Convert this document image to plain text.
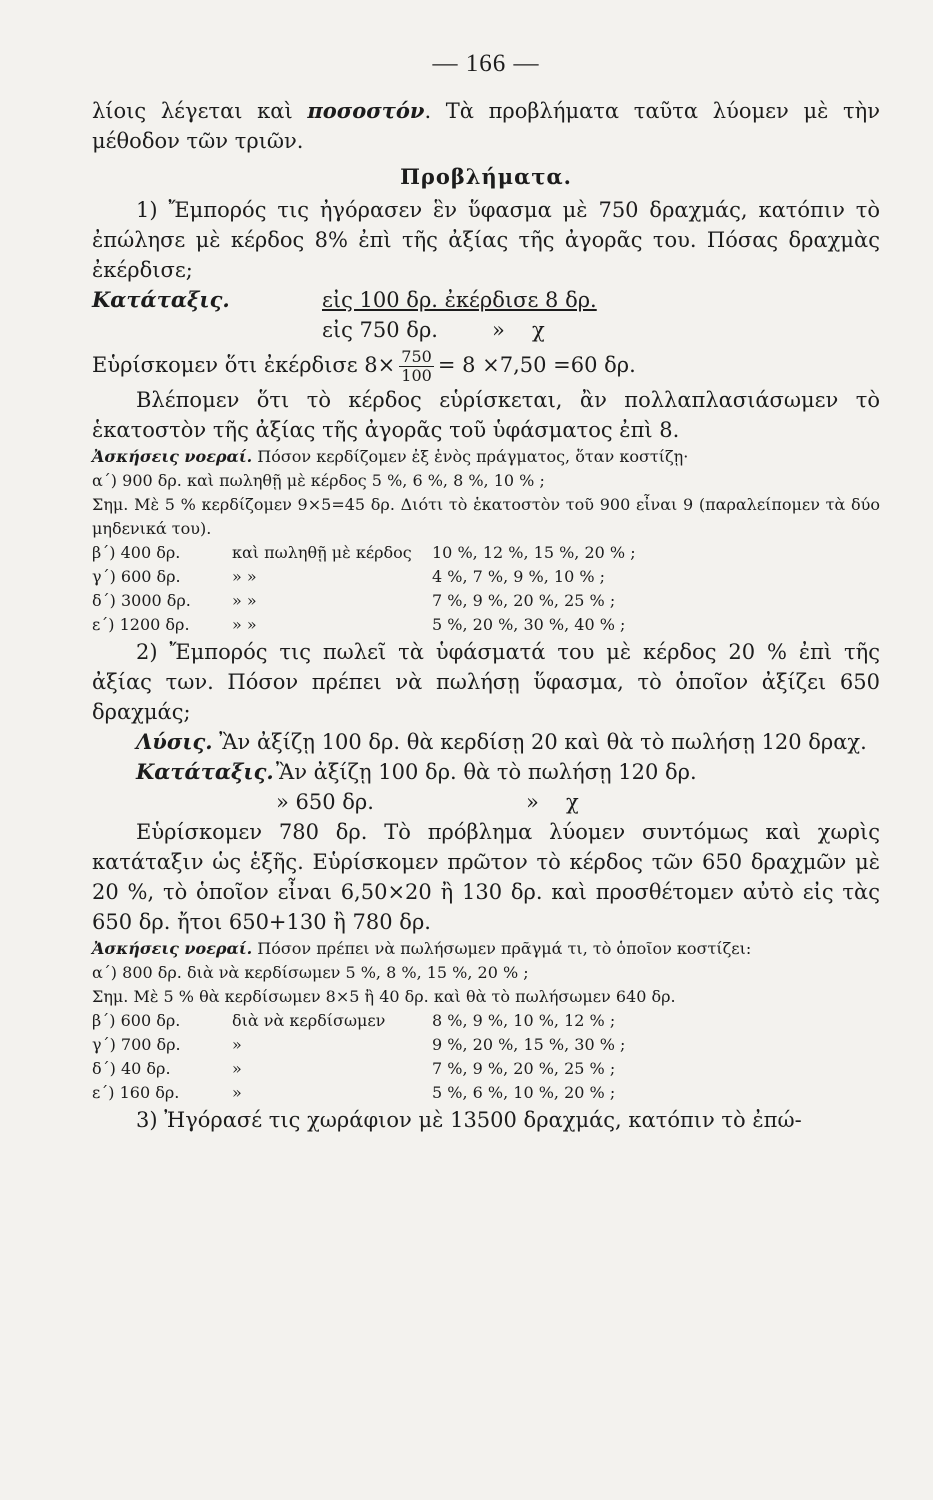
— 166 —

λίοις λέγεται καὶ ποσοστόν. Τὰ προβλήματα ταῦτα λύομεν μὲ τὴν μέθοδον τῶν τριῶν.

Προβλήματα.

1) Ἔμπορός τις ἠγόρασεν ἓν ὕφασμα μὲ 750 δραχμάς, κατόπιν τὸ ἐπώλησε μὲ κέρδος 8% ἐπὶ τῆς ἀξίας τῆς ἀγορᾶς του. Πόσας δραχμὰς ἐκέρδισε;

Κατάταξις.	εἰς 100 δρ. ἐκέρδισε 8 δρ.
εἰς 750 δρ.	»	χ
Εὑρίσκομεν ὅτι ἐκέρδισε $8\times \frac{750}{100} = 8 \times 7,50 =60$ δρ.

Βλέπομεν ὅτι τὸ κέρδος εὑρίσκεται, ἂν πολλαπλασιάσωμεν τὸ ἑκατοστὸν τῆς ἀξίας τῆς ἀγορᾶς τοῦ ὑφάσματος ἐπὶ 8.

Ἀσκήσεις νοεραί. Πόσον κερδίζομεν ἐξ ἑνὸς πράγματος, ὅταν κοστίζῃ·
α΄) 900 δρ. καὶ πωληθῇ μὲ κέρδος 5 %, 6 %, 8 %, 10 % ;
Σημ. Μὲ 5 % κερδίζομεν 9×5=45 δρ. Διότι τὸ ἑκατοστὸν τοῦ 900 εἶναι 9 (παραλείπομεν τὰ δύο μηδενικά του).
β΄) 400 δρ.	καὶ πωληθῇ μὲ κέρδος	10 %, 12 %, 15 %, 20 % ;
γ΄) 600 δρ.	» »	4 %, 7 %, 9 %, 10 % ;
δ΄) 3000 δρ.	» »	7 %, 9 %, 20 %, 25 % ;
ε΄) 1200 δρ.	» »	5 %, 20 %, 30 %, 40 % ;

2) Ἔμπορός τις πωλεῖ τὰ ὑφάσματά του μὲ κέρδος 20 % ἐπὶ τῆς ἀξίας των. Πόσον πρέπει νὰ πωλήσῃ ὕφασμα, τὸ ὁποῖον ἀξίζει 650 δραχμάς;

Λύσις. Ἂν ἀξίζῃ 100 δρ. θὰ κερδίσῃ 20 καὶ θὰ τὸ πωλήσῃ 120 δραχ.

Κατάταξις. Ἂν ἀξίζῃ 100 δρ. θὰ τὸ πωλήσῃ 120 δρ.
» 650 δρ.	»	χ

Εὑρίσκομεν 780 δρ. Τὸ πρόβλημα λύομεν συντόμως καὶ χωρὶς κατάταξιν ὡς ἑξῆς. Εὑρίσκομεν πρῶτον τὸ κέρδος τῶν 650 δραχμῶν μὲ 20 %, τὸ ὁποῖον εἶναι 6,50×20 ἢ 130 δρ. καὶ προσθέτομεν αὐτὸ εἰς τὰς 650 δρ. ἤτοι 650+130 ἢ 780 δρ.

Ἀσκήσεις νοεραί. Πόσον πρέπει νὰ πωλήσωμεν πρᾶγμά τι, τὸ ὁποῖον κοστίζει:
α΄) 800 δρ. διὰ νὰ κερδίσωμεν 5 %, 8 %, 15 %, 20 % ;
Σημ. Μὲ 5 % θὰ κερδίσωμεν 8×5 ἢ 40 δρ. καὶ θὰ τὸ πωλήσωμεν 640 δρ.
β΄) 600 δρ.	διὰ νὰ κερδίσωμεν	8 %, 9 %, 10 %, 12 % ;
γ΄) 700 δρ.	»	9 %, 20 %, 15 %, 30 % ;
δ΄) 40 δρ.	»	7 %, 9 %, 20 %, 25 % ;
ε΄) 160 δρ.	»	5 %, 6 %, 10 %, 20 % ;

3) Ἠγόρασέ τις χωράφιον μὲ 13500 δραχμάς, κατόπιν τὸ ἐπώ-
